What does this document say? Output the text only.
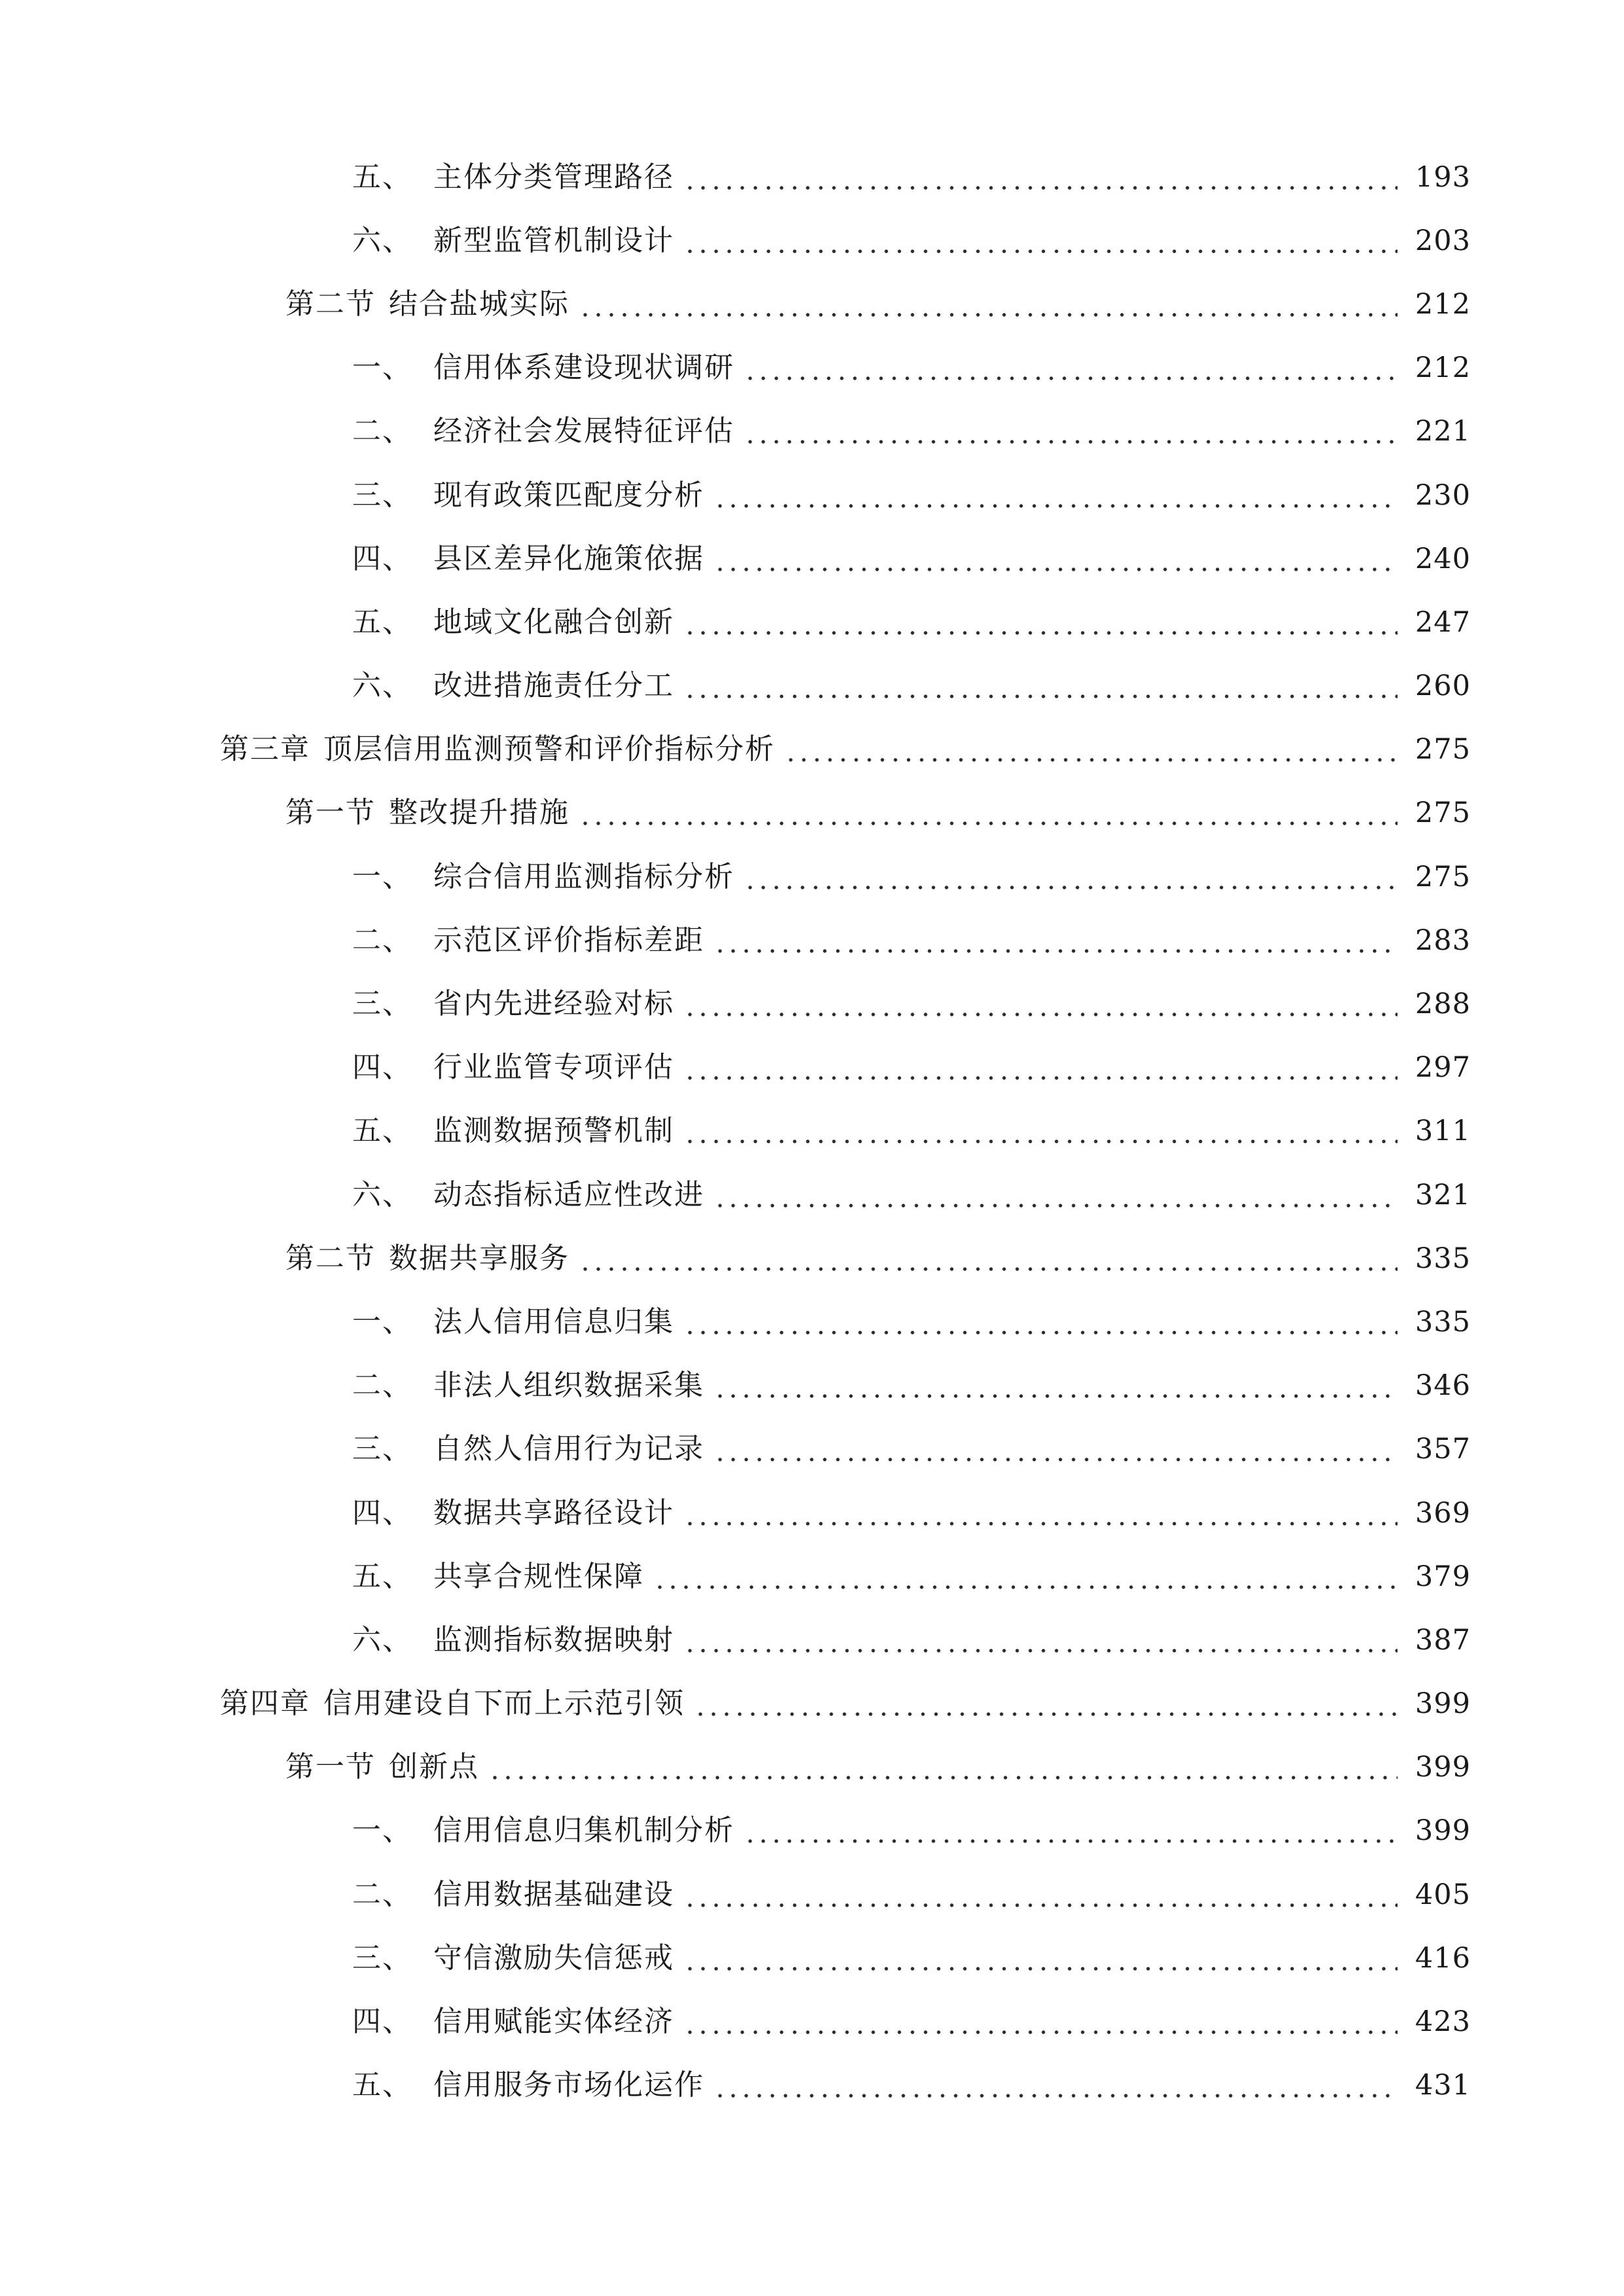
五、 主体分类管理路径	193
六、 新型监管机制设计	203
第二节 结合盐城实际	212
一、 信用体系建设现状调研	212
二、 经济社会发展特征评估	221
三、 现有政策匹配度分析	230
四、 县区差异化施策依据	240
五、 地域文化融合创新	247
六、 改进措施责任分工	260
第三章 顶层信用监测预警和评价指标分析	275
第一节 整改提升措施	275
一、 综合信用监测指标分析	275
二、 示范区评价指标差距	283
三、 省内先进经验对标	288
四、 行业监管专项评估	297
五、 监测数据预警机制	311
六、 动态指标适应性改进	321
第二节 数据共享服务	335
一、 法人信用信息归集	335
二、 非法人组织数据采集	346
三、 自然人信用行为记录	357
四、 数据共享路径设计	369
五、 共享合规性保障	379
六、 监测指标数据映射	387
第四章 信用建设自下而上示范引领	399
第一节 创新点	399
一、 信用信息归集机制分析	399
二、 信用数据基础建设	405
三、 守信激励失信惩戒	416
四、 信用赋能实体经济	423
五、 信用服务市场化运作	431
